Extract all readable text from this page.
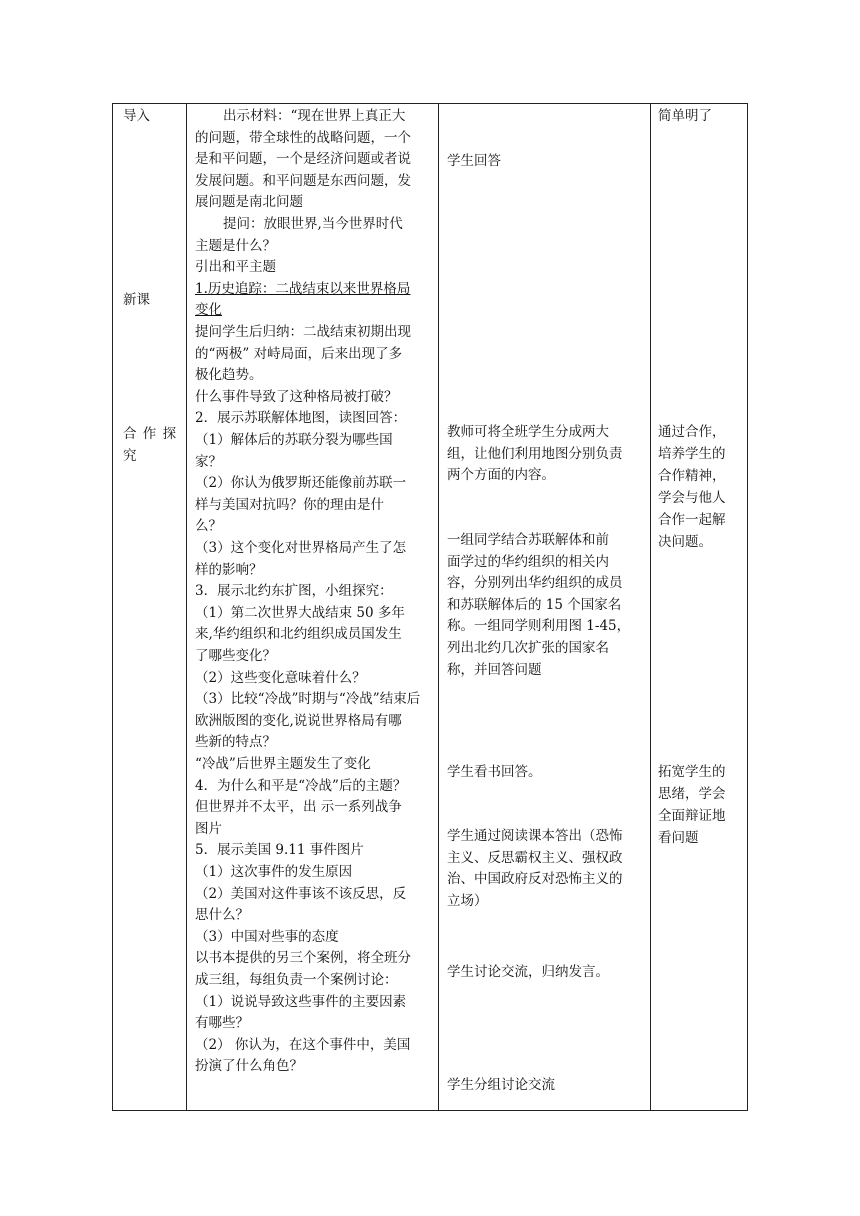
导入

新课

合 作 探

究

出示材料：“现在世界上真正大

的问题，带全球性的战略问题，一个

是和平问题，一个是经济问题或者说

发展问题。和平问题是东西问题，发

展问题是南北问题

提问：放眼世界,当今世界时代

主题是什么？

引出和平主题

1.历史追踪：二战结束以来世界格局

变化

提问学生后归纳：二战结束初期出现

的“两极” 对峙局面，后来出现了多

极化趋势。

什么事件导致了这种格局被打破？

2．展示苏联解体地图，读图回答：

（1）解体后的苏联分裂为哪些国

家？

（2）你认为俄罗斯还能像前苏联一

样与美国对抗吗？你的理由是什

么？

（3）这个变化对世界格局产生了怎

样的影响？

3．展示北约东扩图，小组探究：

（1）第二次世界大战结束 50 多年

来,华约组织和北约组织成员国发生

了哪些变化？

（2）这些变化意味着什么？

（3）比较“冷战”时期与“冷战”结束后

欧洲版图的变化,说说世界格局有哪

些新的特点？

“冷战”后世界主题发生了变化

4．为什么和平是“冷战”后的主题？

但世界并不太平，出 示一系列战争

图片

5．展示美国 9.11 事件图片

（1）这次事件的发生原因

（2）美国对这件事该不该反思，反

思什么？

（3）中国对些事的态度

以书本提供的另三个案例，将全班分

成三组，每组负责一个案例讨论：

（1）说说导致这些事件的主要因素

有哪些？

（2） 你认为，在这个事件中，美国

扮演了什么角色？

学生回答

教师可将全班学生分成两大

组，让他们利用地图分别负责

两个方面的内容。

一组同学结合苏联解体和前

面学过的华约组织的相关内

容，分别列出华约组织的成员

和苏联解体后的 15 个国家名

称。一组同学则利用图 1-45，

列出北约几次扩张的国家名

称，并回答问题

学生看书回答。

学生通过阅读课本答出（恐怖

主义、反思霸权主义、强权政

治、中国政府反对恐怖主义的

立场）

学生讨论交流，归纳发言。

学生分组讨论交流

简单明了

通过合作，

培养学生的

合作精神，

学会与他人

合作一起解

决问题。

拓宽学生的

思绪，学会

全面辩证地

看问题
